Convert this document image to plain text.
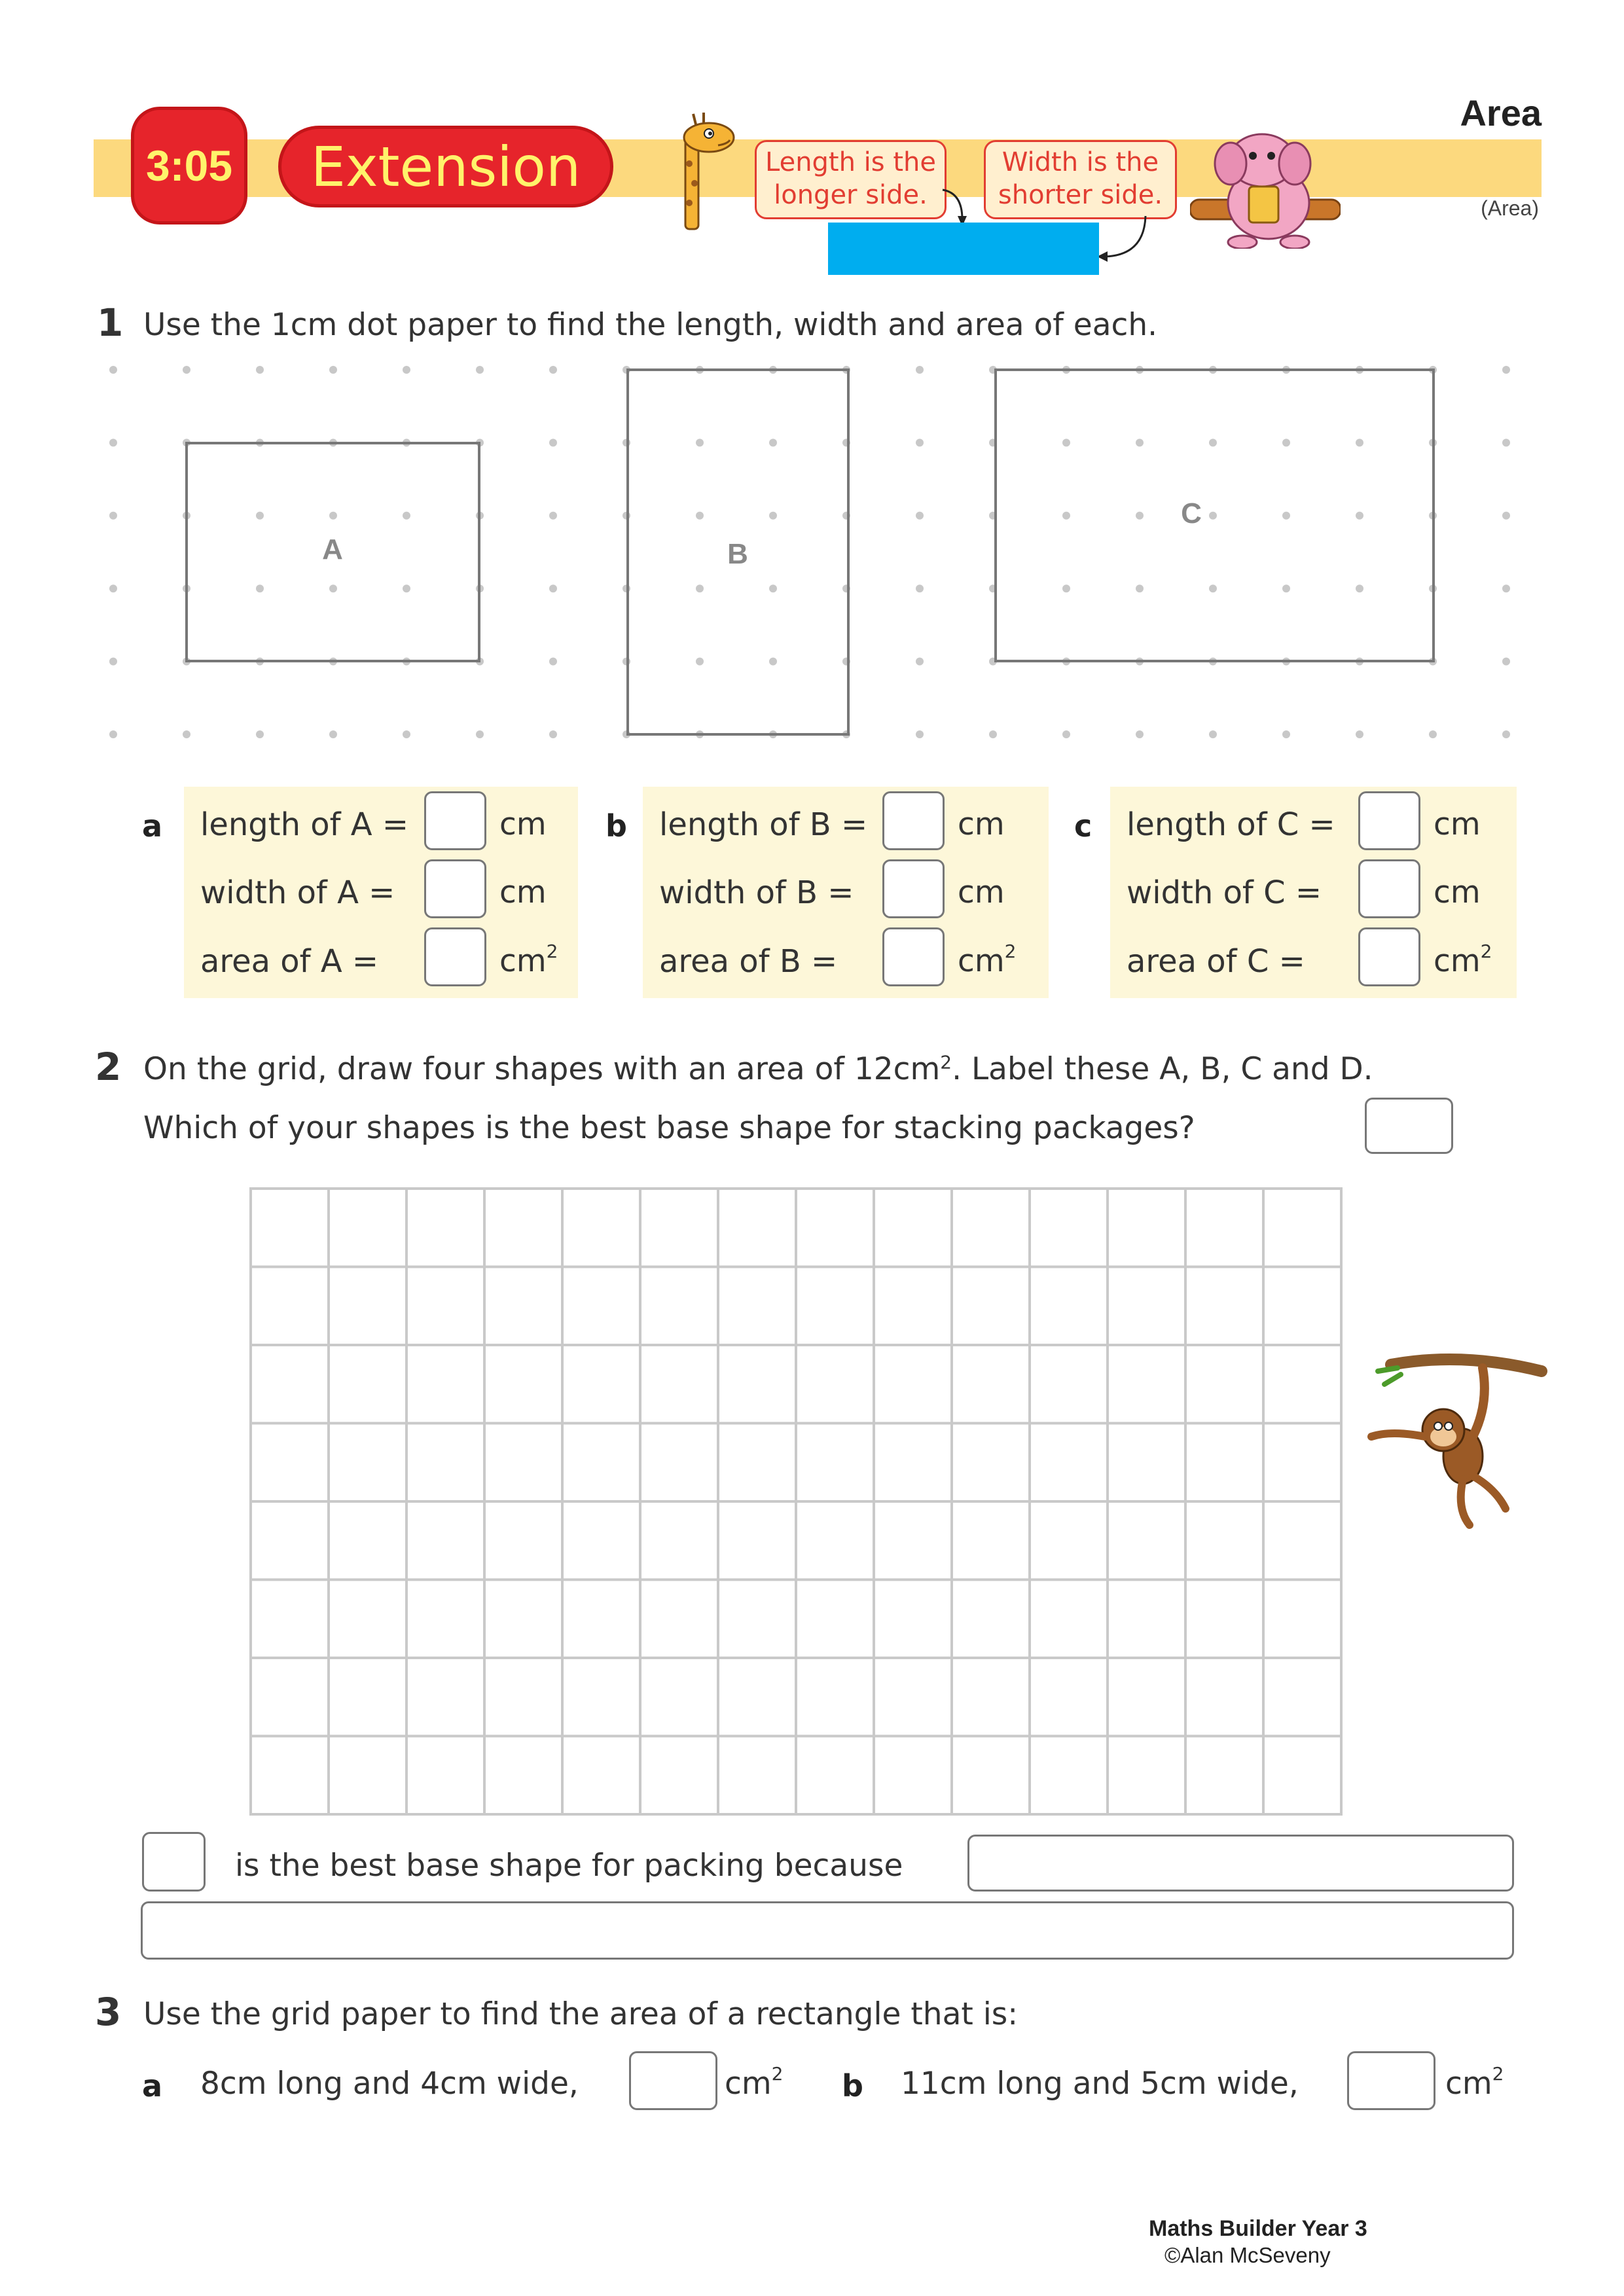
3:05	Extension
Area
(Area)
Length is the
longer side.
Width is the
shorter side.
1 Use the 1cm dot paper to find the length, width and area of each.
A	B
C
a length of A =	cm
width of A =	cm
area of A =	$cm^2$
b length of B =	cm
width of B =	cm
area of B =	$cm^2$
c length of C =	cm
width of C =	cm
area of C =	$cm^2$
2 On the grid, draw four shapes with an area of $12cm^2$. Label these A, B, C and D.
Which of your shapes is the best base shape for stacking packages?
is the best base shape for packing because
3 Use the grid paper to find the area of a rectangle that is:
a 8cm long and 4cm wide,	$cm^2$ b 11cm long and 5cm wide,	$cm^2$
Maths Builder Year 3
©Alan McSeveny
